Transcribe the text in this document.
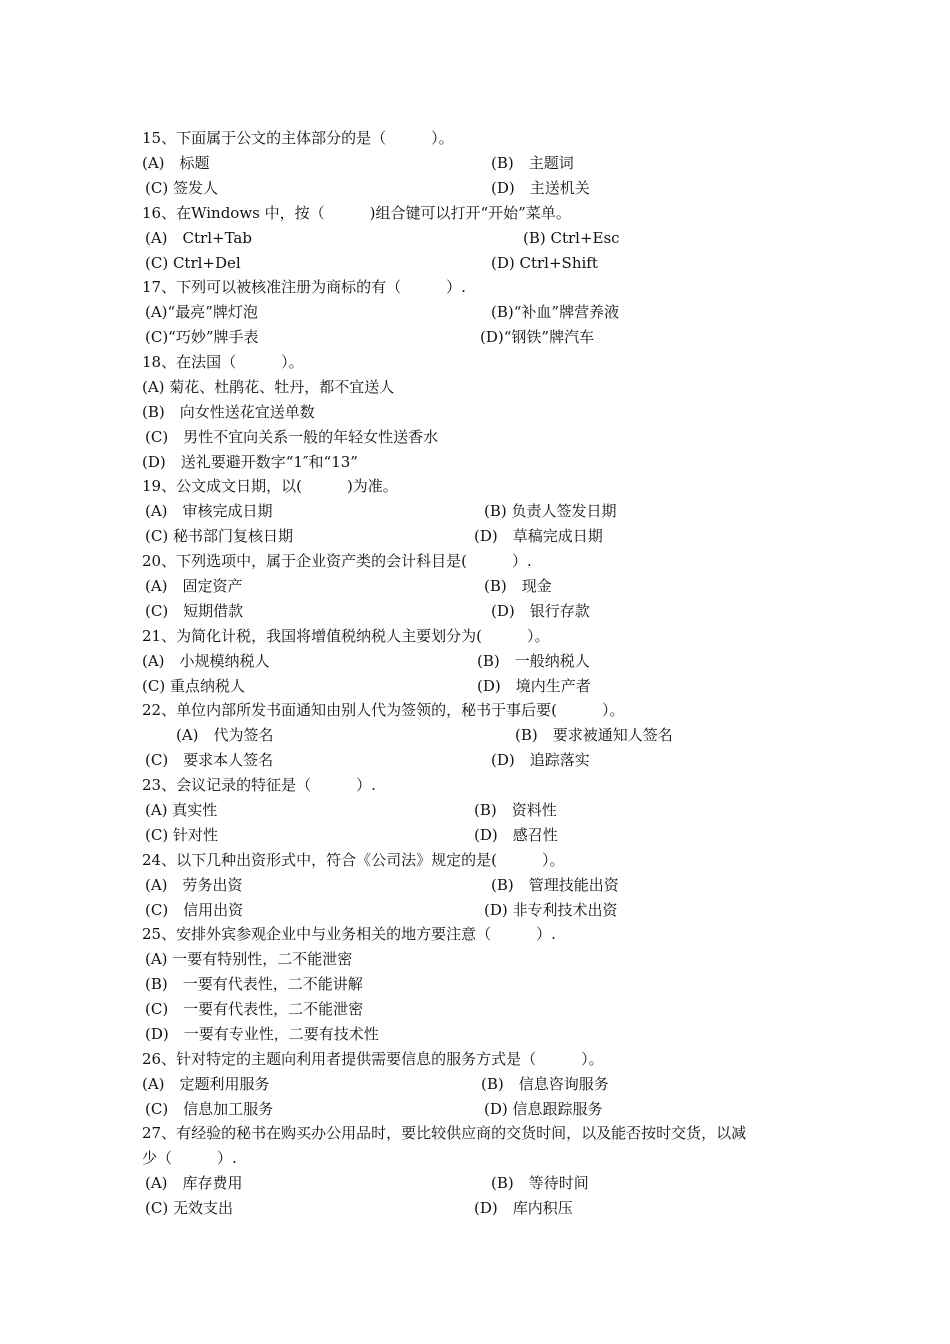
15、下面属于公文的主体部分的是（　　　）。
(A)　标题	(B)　主题词
(C) 签发人	(D)　主送机关
16、在Windows 中，按（　　　)组合键可以打开“开始”菜单。
(A)　Ctrl+Tab	(B) Ctrl+Esc
(C) Ctrl+Del	(D) Ctrl+Shift
17、下列可以被核准注册为商标的有（　　　）.
(A)“最亮”牌灯泡	(B)“补血”牌营养液
(C)“巧妙”牌手表	(D)“钢铁”牌汽车
18、在法国（　　　）。
(A) 菊花、杜鹃花、牡丹，都不宜送人
(B)　向女性送花宜送单数
(C)　男性不宜向关系一般的年轻女性送香水
(D)　送礼要避开数字“1″和“13”
19、公文成文日期，以(　　　)为准。
(A)　审核完成日期	(B) 负责人签发日期
(C) 秘书部门复核日期	(D)　草稿完成日期
20、下列选项中，属于企业资产类的会计科目是(　　　）.
(A)　固定资产	(B)　现金
(C)　短期借款	(D)　银行存款
21、为简化计税，我国将增值税纳税人主要划分为(　　　）。
(A)　小规模纳税人	(B)　一般纳税人
(C) 重点纳税人	(D)　境内生产者
22、单位内部所发书面通知由别人代为签领的，秘书于事后要(　　　）。
(A)　代为签名	(B)　要求被通知人签名
(C)　要求本人签名	(D)　追踪落实
23、会议记录的特征是（　　　）.
(A) 真实性	(B)　资料性
(C) 针对性	(D)　感召性
24、以下几种出资形式中，符合《公司法》规定的是(　　　）。
(A)　劳务出资	(B)　管理技能出资
(C)　信用出资	(D) 非专利技术出资
25、安排外宾参观企业中与业务相关的地方要注意（　　　）.
(A) 一要有特别性，二不能泄密
(B)　一要有代表性，二不能讲解
(C)　一要有代表性，二不能泄密
(D)　一要有专业性，二要有技术性
26、针对特定的主题向利用者提供需要信息的服务方式是（　　　）。
(A)　定题利用服务	(B)　信息咨询服务
(C)　信息加工服务	(D) 信息跟踪服务
27、有经验的秘书在购买办公用品时，要比较供应商的交货时间，以及能否按时交货，以减
少（　　　）.
(A)　库存费用	(B)　等待时间
(C) 无效支出	(D)　库内积压
